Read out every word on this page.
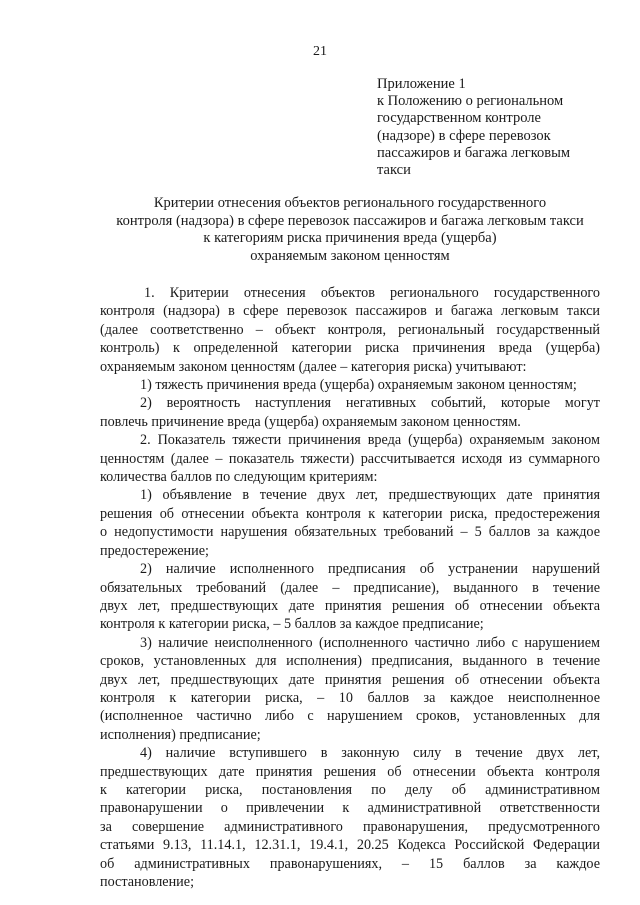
21
Приложение 1
к Положению о региональном
государственном контроле
(надзоре) в сфере перевозок
пассажиров и багажа легковым
такси
Критерии отнесения объектов регионального государственного
контроля (надзора) в сфере перевозок пассажиров и багажа легковым такси
к категориям риска причинения вреда (ущерба)
охраняемым законом ценностям
1. Критерии отнесения объектов регионального государственного
контроля (надзора) в сфере перевозок пассажиров и багажа легковым такси
(далее соответственно – объект контроля, региональный государственный
контроль) к определенной категории риска причинения вреда (ущерба)
охраняемым законом ценностям (далее – категория риска) учитывают:
1) тяжесть причинения вреда (ущерба) охраняемым законом ценностям;
2) вероятность наступления негативных событий, которые могут
повлечь причинение вреда (ущерба) охраняемым законом ценностям.
2. Показатель тяжести причинения вреда (ущерба) охраняемым законом
ценностям (далее – показатель тяжести) рассчитывается исходя из суммарного
количества баллов по следующим критериям:
1) объявление в течение двух лет, предшествующих дате принятия
решения об отнесении объекта контроля к категории риска, предостережения
о недопустимости нарушения обязательных требований – 5 баллов за каждое
предостережение;
2) наличие исполненного предписания об устранении нарушений
обязательных требований (далее – предписание), выданного в течение
двух лет, предшествующих дате принятия решения об отнесении объекта
контроля к категории риска, – 5 баллов за каждое предписание;
3) наличие неисполненного (исполненного частично либо с нарушением
сроков, установленных для исполнения) предписания, выданного в течение
двух лет, предшествующих дате принятия решения об отнесении объекта
контроля к категории риска, – 10 баллов за каждое неисполненное
(исполненное частично либо с нарушением сроков, установленных для
исполнения) предписание;
4) наличие вступившего в законную силу в течение двух лет,
предшествующих дате принятия решения об отнесении объекта контроля
к категории риска, постановления по делу об административном
правонарушении о привлечении к административной ответственности
за совершение административного правонарушения, предусмотренного
статьями 9.13, 11.14.1, 12.31.1, 19.4.1, 20.25 Кодекса Российской Федерации
об административных правонарушениях, – 15 баллов за каждое
постановление;
